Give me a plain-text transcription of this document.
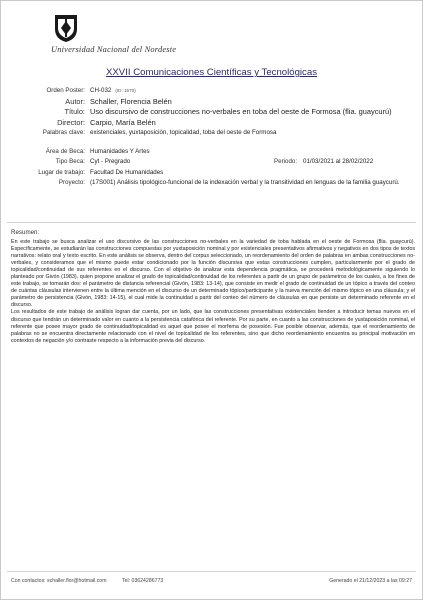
Universidad Nacional del Nordeste
XXVII Comunicaciones Científicas y Tecnológicas
Orden Poster: CH-032 (ID: 1570)
Autor: Schaller, Florencia Belén
Título: Uso discursivo de construcciones no-verbales en toba del oeste de Formosa (flia. guaycurú)
Director: Carpio, María Belén
Palabras clave: existenciales, yuxtaposición, topicalidad, toba del oeste de Formosa
Área de Beca: Humanidades Y Artes
Tipo Beca: Cyt - Pregrado	Periodo: 01/03/2021 al 28/02/2022
Lugar de trabajo: Facultad De Humanidades
Proyecto: (17S001) Análisis tipológico-funcional de la indexación verbal y la transitividad en lenguas de la familia guaycurú.
Resumen:

En este trabajo se busca analizar el uso discursivo de las construcciones no-verbales en la variedad de toba hablada en el oeste de Formosa (flia. guaycurú). Específicamente, se estudiarán las construcciones compuestas por yuxtaposición nominal y por existenciales presentativos afirmativos y negativos en dos tipos de textos narrativos: relato oral y texto escrito. En este análisis se observa, dentro del corpus seleccionado, un reordenamiento del orden de palabras en ambas construcciones no-verbales, y consideramos que el mismo puede estar condicionado por la función discursiva que estas construcciones cumplen, particularmente por el grado de topicalidad/continuidad de sus referentes en el discurso. Con el objetivo de analizar esta dependencia pragmática, se procederá metodológicamente siguiendo lo planteado por Givón (1983), quien propone analizar el grado de topicalidad/continuidad de los referentes a partir de un grupo de parámetros de los cuales, a los fines de este trabajo, se tomarán dos: el parámetro de distancia referencial (Givón, 1983: 13-14), que consiste en medir el grado de continuidad de un tópico a través del conteo de cuántas cláusulas intervienen entre la última mención en el discurso de un determinado tópico/participante y la nueva mención del mismo tópico en una cláusula; y el parámetro de persistencia (Givón, 1983: 14-15), el cual mide la continuidad a partir del conteo del número de cláusulas en que persiste un determinado referente en el discurso.

Los resultados de este trabajo de análisis logran dar cuenta, por un lado, que las construcciones presentativas existenciales tienden a introducir temas nuevos en el discurso que tendrán un determinado valor en cuanto a la persistencia catafórica del referente. Por su parte, en cuanto a las construcciones de yuxtaposición nominal, el referente que posee mayor grado de continuidad/topicalidad es aquel que posee el morfema de posesión. Fue posible observar, además, que el reordenamiento de palabras no se encuentra directamente relacionado con el nivel de topicalidad de los referentes, sino que dicho reordenamiento encuentra su principal motivación en contextos de negación y/o contraste respecto a la información previa del discurso.

Con contactos: schaller.flor@hotmail.com	Tel: 03624286773	Generado el 21/12/2023 a las 09:27
